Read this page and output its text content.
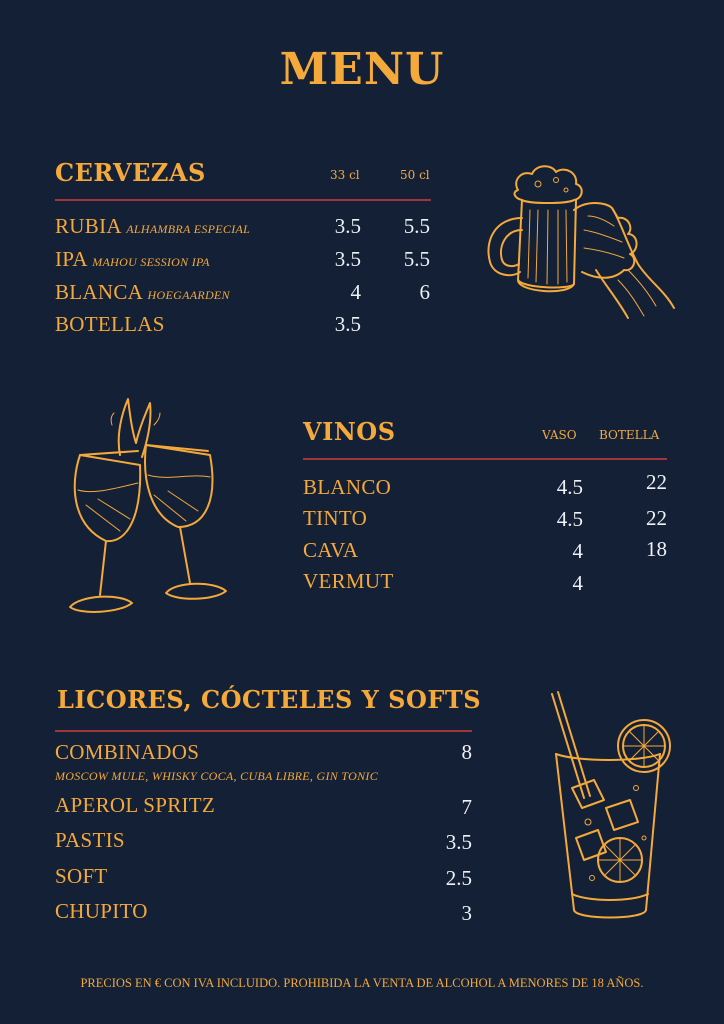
MENU
CERVEZAS	33 cl	50 cl
RUBIA ALHAMBRA ESPECIAL	3.5	5.5
IPA MAHOU SESSION IPA	3.5	5.5
BLANCA HOEGAARDEN	4	6
BOTELLAS	3.5
VINOS	VASO BOTELLA
BLANCO	4.5	22
TINTO	4.5	22
CAVA	4	18
VERMUT	4
LICORES, CÓCTELES Y SOFTS
COMBINADOS	8
MOSCOW MULE, WHISKY COCA, CUBA LIBRE, GIN TONIC
APEROL SPRITZ	7
PASTIS	3.5
SOFT	2.5
CHUPITO	3
PRECIOS EN € CON IVA INCLUIDO. PROHIBIDA LA VENTA DE ALCOHOL A MENORES DE 18 AÑOS.
